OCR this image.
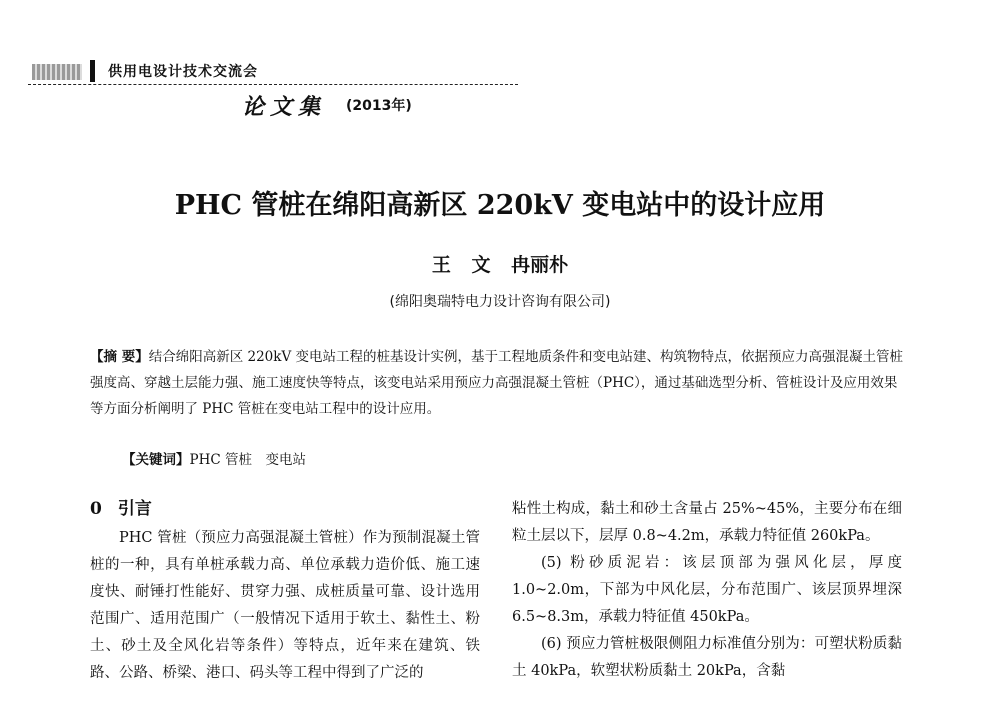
供用电设计技术交流会
论文集 (2013年)
PHC 管桩在绵阳高新区 220kV 变电站中的设计应用
王 文 冉丽朴
(绵阳奥瑞特电力设计咨询有限公司)
【摘 要】结合绵阳高新区 220kV 变电站工程的桩基设计实例，基于工程地质条件和变电站建、构筑物特点，依据预应力高强混凝土管桩强度高、穿越土层能力强、施工速度快等特点，该变电站采用预应力高强混凝土管桩（PHC），通过基础选型分析、管桩设计及应用效果等方面分析阐明了 PHC 管桩在变电站工程中的设计应用。
【关键词】PHC 管桩　变电站
0 引言

PHC 管桩（预应力高强混凝土管桩）作为预制混凝土管桩的一种，具有单桩承载力高、单位承载力造价低、施工速度快、耐锤打性能好、贯穿力强、成桩质量可靠、设计选用范围广、适用范围广（一般情况下适用于软土、黏性土、粉土、砂土及全风化岩等条件）等特点，近年来在建筑、铁路、公路、桥梁、港口、码头等工程中得到了广泛的

粘性土构成，黏土和砂土含量占 25%~45%，主要分布在细粒土层以下，层厚 0.8~4.2m，承载力特征值 260kPa。

(5) 粉砂质泥岩：该层顶部为强风化层，厚度 1.0~2.0m，下部为中风化层，分布范围广、该层顶界埋深 6.5~8.3m，承载力特征值 450kPa。

(6) 预应力管桩极限侧阻力标准值分别为：可塑状粉质黏土 40kPa，软塑状粉质黏土 20kPa，含黏
